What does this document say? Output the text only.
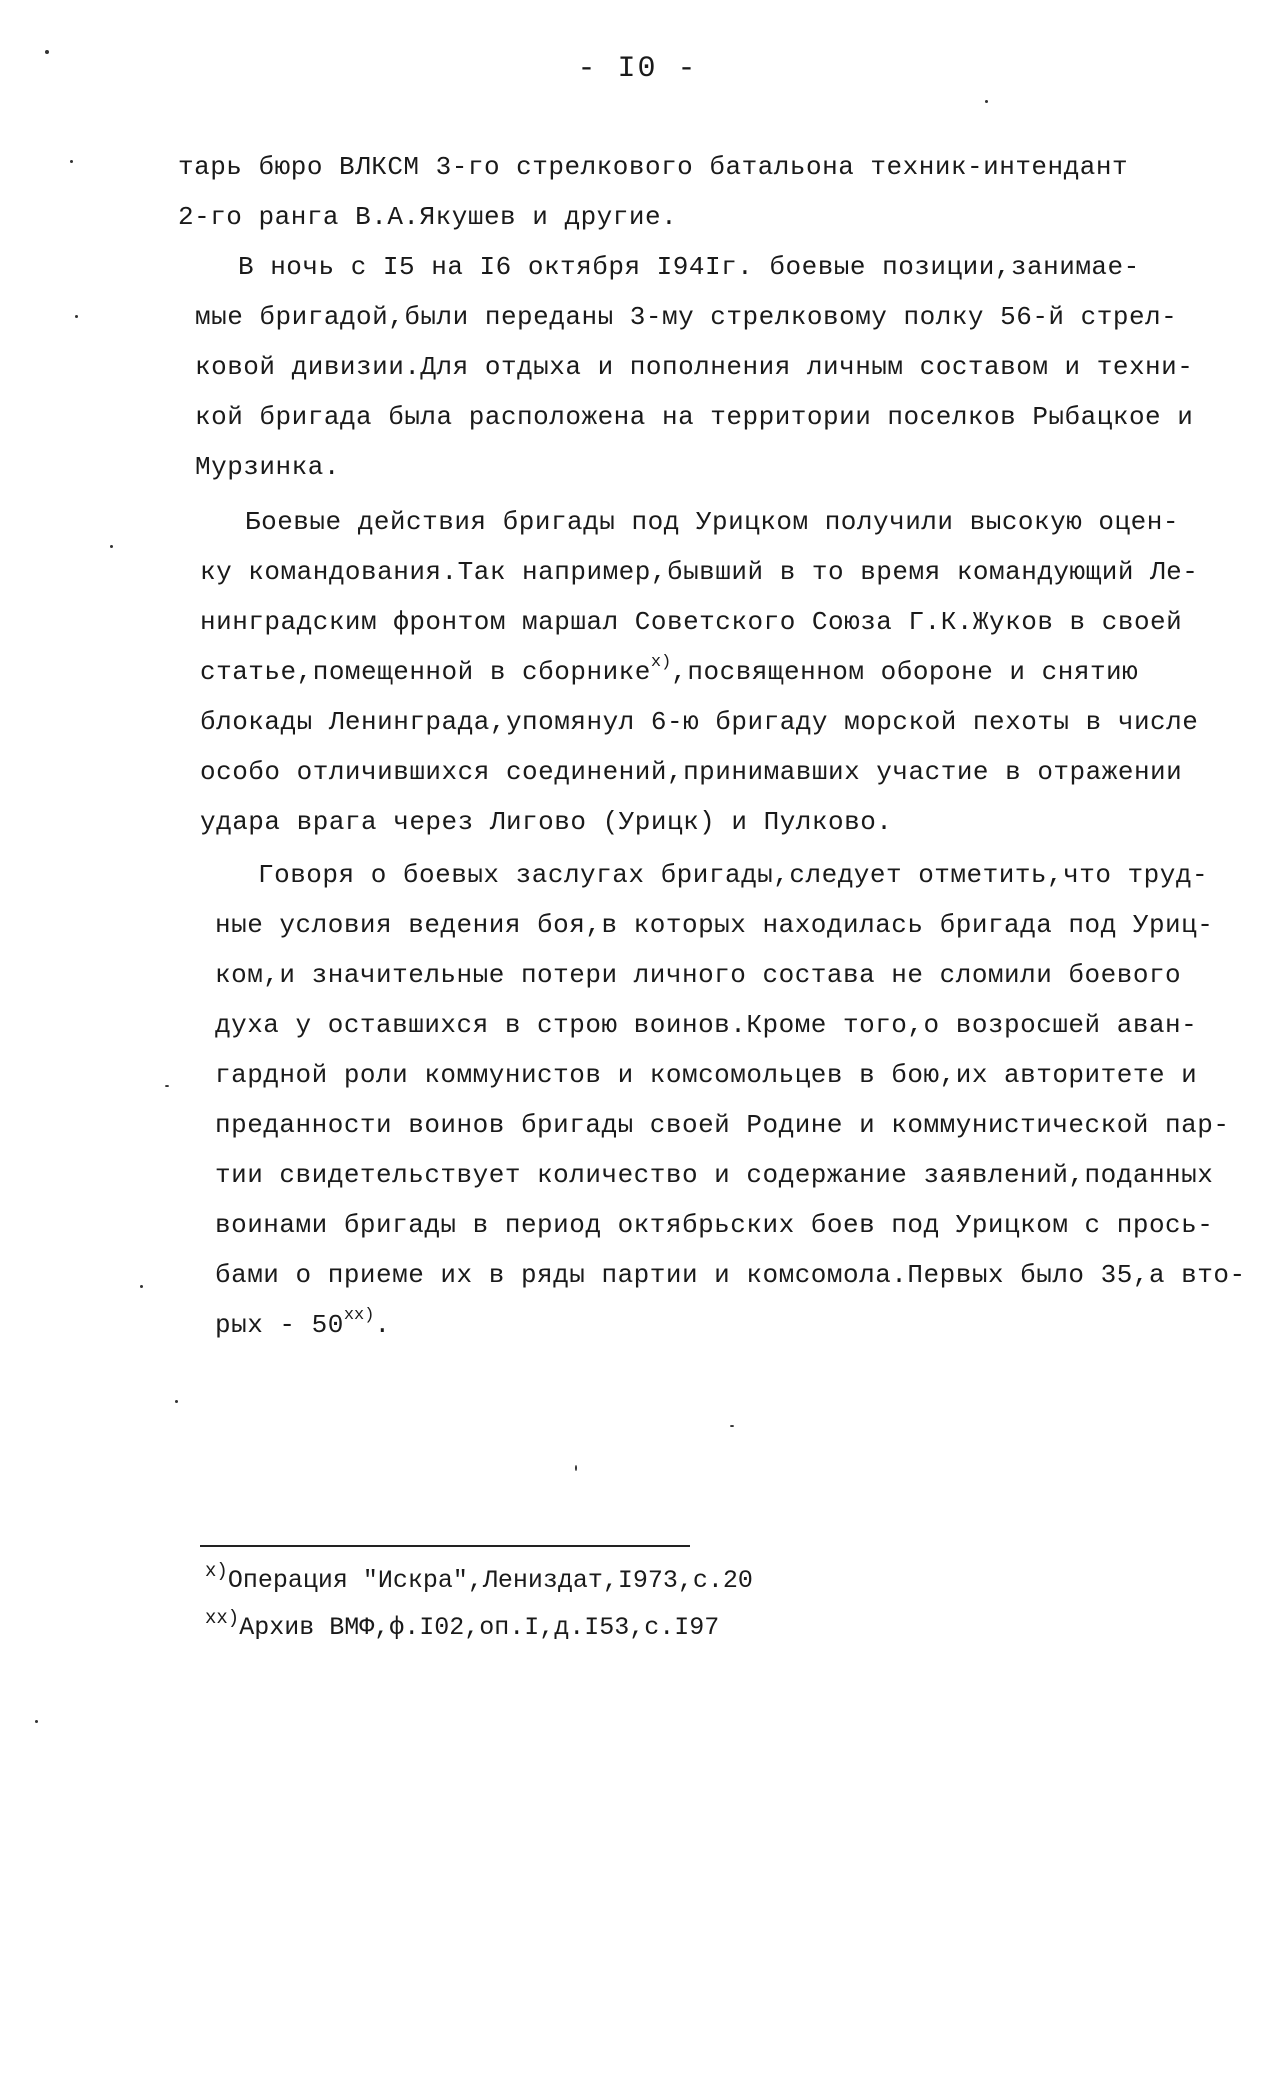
- I0 -
тарь бюро ВЛКСМ 3-го стрелкового батальона техник-интендант
2-го ранга В.А.Якушев и другие.
В ночь с I5 на I6 октября I94Iг. боевые позиции,занимае-
мые бригадой,были переданы 3-му стрелковому полку 56-й стрел-
ковой дивизии.Для отдыха и пополнения личным составом и техни-
кой бригада была расположена на территории поселков Рыбацкое и
Мурзинка.
Боевые действия бригады под Урицком получили высокую оцен-
ку командования.Так например,бывший в то время командующий Ле-
нинградским фронтом маршал Советского Союза Г.К.Жуков в своей
статье,помещенной в сборнике$^{x)}$,посвященном обороне и снятию
блокады Ленинграда,упомянул 6-ю бригаду морской пехоты в числе
особо отличившихся соединений,принимавших участие в отражении
удара врага через Лигово (Урицк) и Пулково.
Говоря о боевых заслугах бригады,следует отметить,что труд-
ные условия ведения боя,в которых находилась бригада под Уриц-
ком,и значительные потери личного состава не сломили боевого
духа у оставшихся в строю воинов.Кроме того,о возросшей аван-
гардной роли коммунистов и комсомольцев в бою,их авторитете и
преданности воинов бригады своей Родине и коммунистической пар-
тии свидетельствует количество и содержание заявлений,поданных
воинами бригады в период октябрьских боев под Урицком с прось-
бами о приеме их в ряды партии и комсомола.Первых было 35,а вто-
рых - 50$^{xx)}$.
$^{x)}$Операция "Искра",Лениздат,I973,с.20
$^{xx)}$Архив ВМФ,ф.I02,оп.I,д.I53,с.I97
